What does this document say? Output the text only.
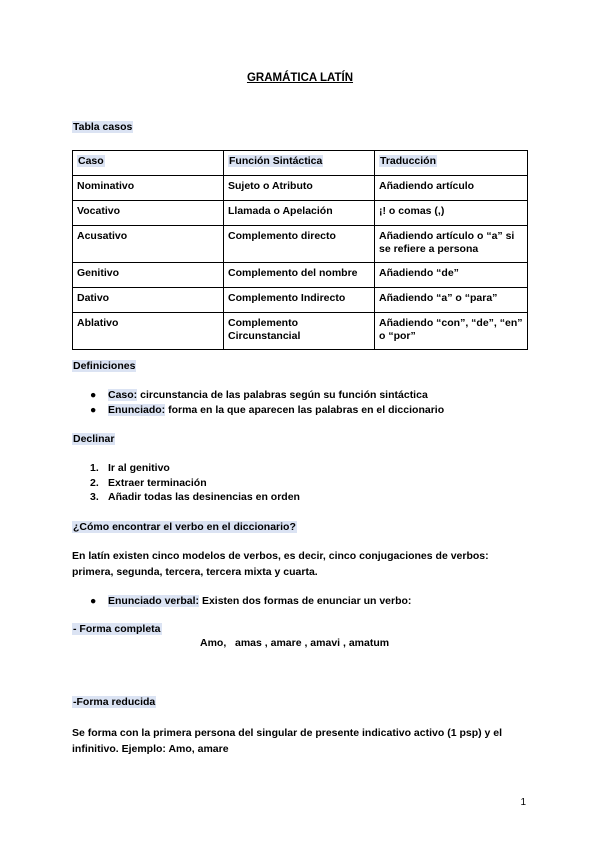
GRAMÁTICA LATÍN
Tabla casos
Caso	Función Sintáctica	Traducción
Nominativo	Sujeto o Atributo	Añadiendo artículo
Vocativo	Llamada o Apelación	¡! o comas (,)
Acusativo	Complemento directo	Añadiendo artículo o “a” si se refiere a persona
Genitivo	Complemento del nombre	Añadiendo “de”
Dativo	Complemento Indirecto	Añadiendo “a” o “para”
Ablativo	Complemento Circunstancial	Añadiendo “con”, “de”, “en” o “por”
Definiciones
● Caso: circunstancia de las palabras según su función sintáctica
● Enunciado: forma en la que aparecen las palabras en el diccionario
Declinar
1. Ir al genitivo
2. Extraer terminación
3. Añadir todas las desinencias en orden
¿Cómo encontrar el verbo en el diccionario?
En latín existen cinco modelos de verbos, es decir, cinco conjugaciones de verbos: primera, segunda, tercera, tercera mixta y cuarta.
● Enunciado verbal: Existen dos formas de enunciar un verbo:
- Forma completa
Amo,   amas , amare , amavi , amatum
-Forma reducida
Se forma con la primera persona del singular de presente indicativo activo (1 psp) y el infinitivo. Ejemplo: Amo, amare
1
